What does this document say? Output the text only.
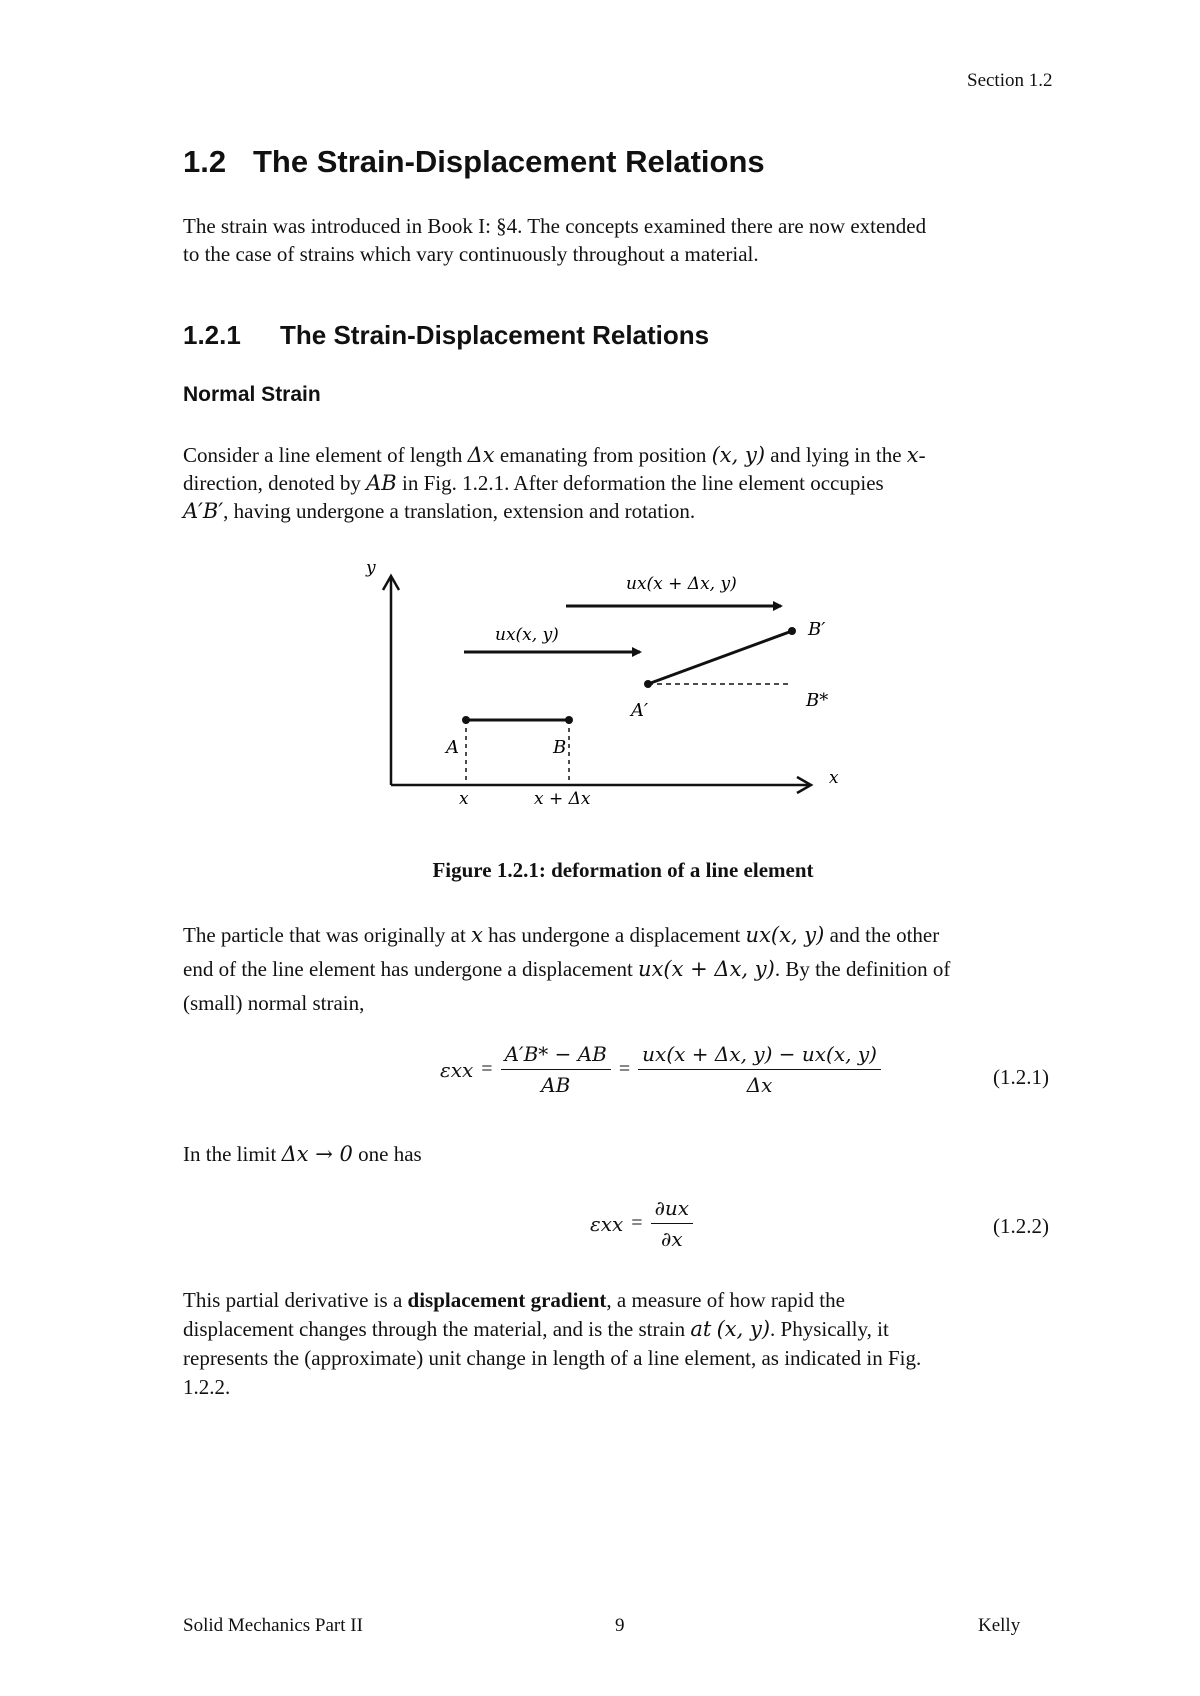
Section 1.2
1.2 The Strain-Displacement Relations
The strain was introduced in Book I: §4. The concepts examined there are now extended
to the case of strains which vary continuously throughout a material.
1.2.1 The Strain-Displacement Relations
Normal Strain
Consider a line element of length Δx emanating from position (x, y) and lying in the x-
direction, denoted by AB in Fig. 1.2.1. After deformation the line element occupies
A′B′, having undergone a translation, extension and rotation.
y
x
A	B
A′
B′
B*
x	x + Δx
ux(x, y)
ux(x + Δx, y)
Figure 1.2.1: deformation of a line element
The particle that was originally at x has undergone a displacement ux(x, y) and the other
end of the line element has undergone a displacement ux(x + Δx, y). By the definition of
(small) normal strain,
$\varepsilon xx = \frac{A'B* - AB}{AB} = \frac{ux(x + \Delta x, y) - ux(x, y)}{\Delta x}$	(1.2.1)
In the limit Δx → 0 one has
$\varepsilon xx = \frac{\partial ux}{\partial x}$	(1.2.2)
This partial derivative is a displacement gradient, a measure of how rapid the
displacement changes through the material, and is the strain at (x, y). Physically, it
represents the (approximate) unit change in length of a line element, as indicated in Fig.
1.2.2.
Solid Mechanics Part II	9	Kelly
